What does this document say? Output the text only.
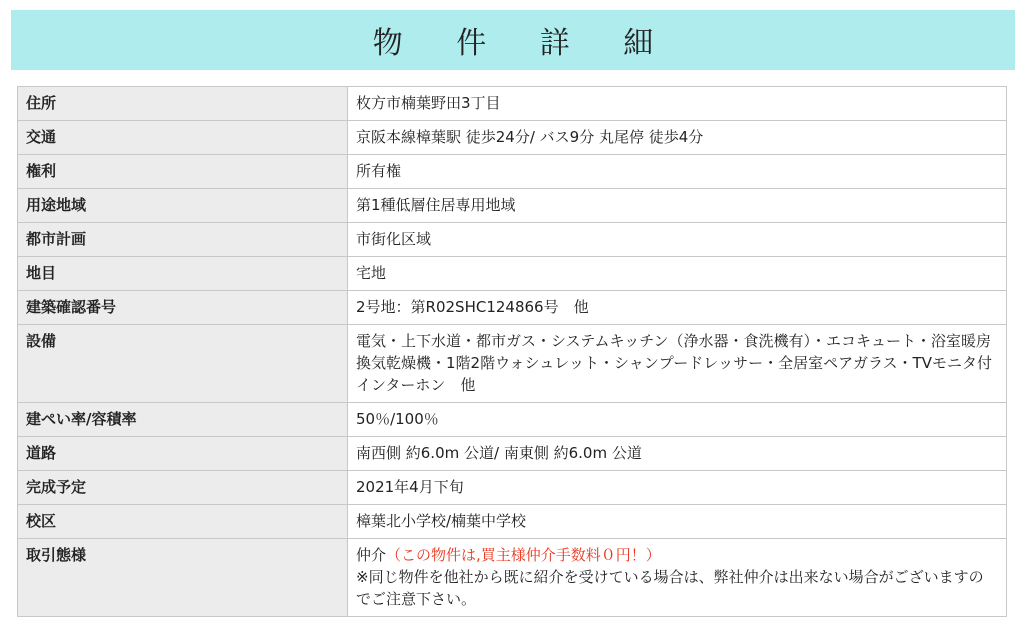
物 件 詳 細
住所	枚方市楠葉野田3丁目
交通	京阪本線樟葉駅 徒歩24分/ バス9分 丸尾停 徒歩4分
権利	所有権
用途地域	第1種低層住居専用地域
都市計画	市街化区域
地目	宅地
建築確認番号	2号地：第R02SHC124866号　他
設備	電気・上下水道・都市ガス・システムキッチン（浄水器・食洗機有）・エコキュート・浴室暖房換気乾燥機・1階2階ウォシュレット・シャンプードレッサー・全居室ペアガラス・TVモニタ付インターホン　他
建ぺい率/容積率	50％/100％
道路	南西側 約6.0m 公道/ 南東側 約6.0m 公道
完成予定	2021年4月下旬
校区	樟葉北小学校/楠葉中学校
取引態様	仲介（この物件は,買主様仲介手数料０円！）
※同じ物件を他社から既に紹介を受けている場合は、弊社仲介は出来ない場合がございますのでご注意下さい。
